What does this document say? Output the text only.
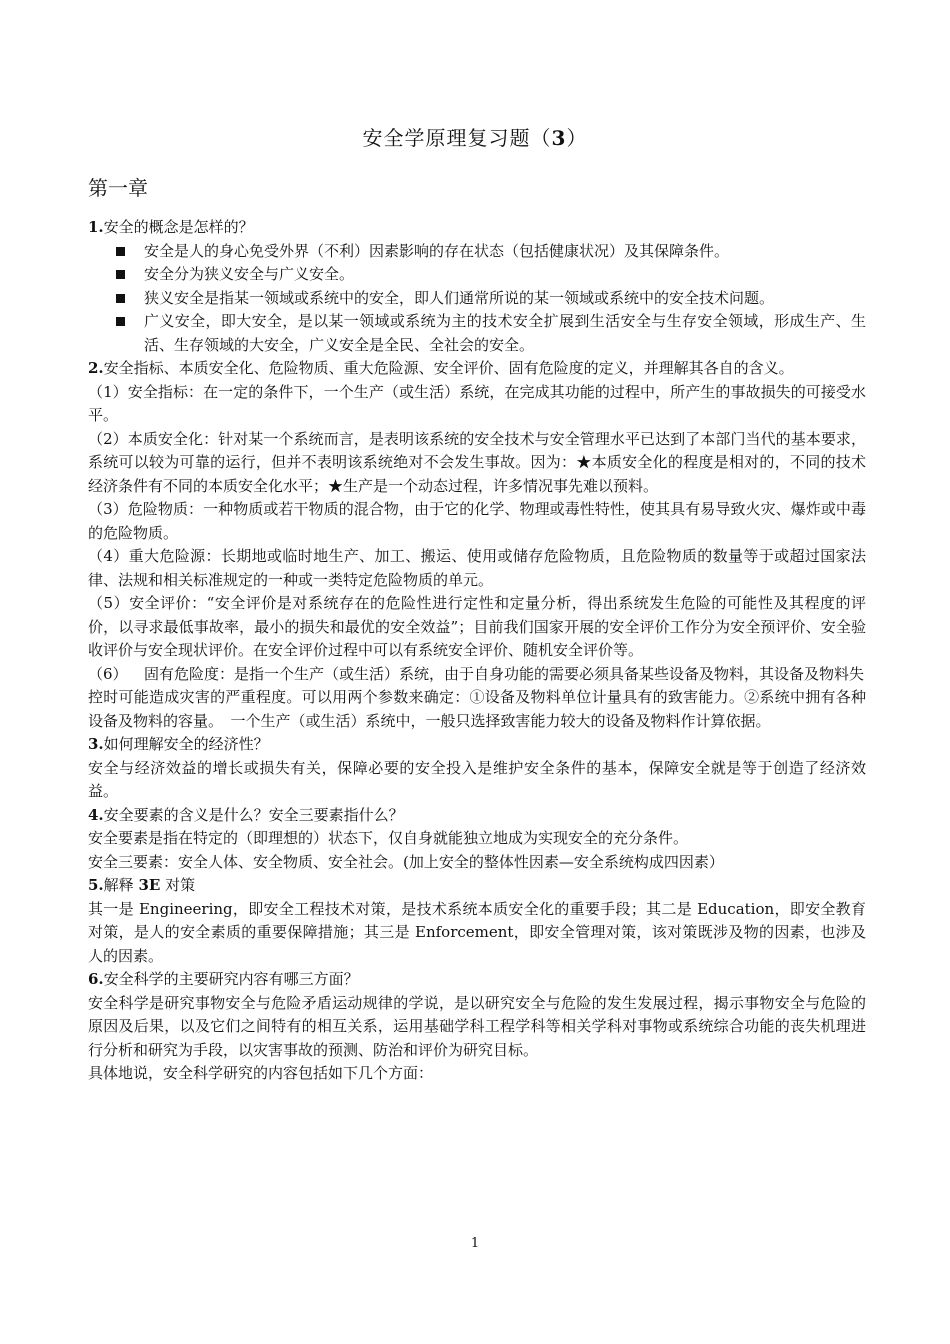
安全学原理复习题（3）
第一章

1.安全的概念是怎样的？

安全是人的身心免受外界（不利）因素影响的存在状态（包括健康状况）及其保障条件。
安全分为狭义安全与广义安全。
狭义安全是指某一领域或系统中的安全，即人们通常所说的某一领域或系统中的安全技术问题。
广义安全，即大安全，是以某一领域或系统为主的技术安全扩展到生活安全与生存安全领域，形成生产、生活、生存领域的大安全，广义安全是全民、全社会的安全。

2.安全指标、本质安全化、危险物质、重大危险源、安全评价、固有危险度的定义，并理解其各自的含义。

（1）安全指标：在一定的条件下，一个生产（或生活）系统，在完成其功能的过程中，所产生的事故损失的可接受水平。

（2）本质安全化：针对某一个系统而言，是表明该系统的安全技术与安全管理水平已达到了本部门当代的基本要求，系统可以较为可靠的运行，但并不表明该系统绝对不会发生事故。因为：★本质安全化的程度是相对的，不同的技术经济条件有不同的本质安全化水平；★生产是一个动态过程，许多情况事先难以预料。

（3）危险物质：一种物质或若干物质的混合物，由于它的化学、物理或毒性特性，使其具有易导致火灾、爆炸或中毒的危险物质。

（4）重大危险源：长期地或临时地生产、加工、搬运、使用或储存危险物质，且危险物质的数量等于或超过国家法律、法规和相关标准规定的一种或一类特定危险物质的单元。

（5）安全评价：“安全评价是对系统存在的危险性进行定性和定量分析，得出系统发生危险的可能性及其程度的评价，以寻求最低事故率，最小的损失和最优的安全效益”；目前我们国家开展的安全评价工作分为安全预评价、安全验收评价与安全现状评价。在安全评价过程中可以有系统安全评价、随机安全评价等。

（6）	固有危险度：是指一个生产（或生活）系统，由于自身功能的需要必须具备某些设备及物料，其设备及物料失

控时可能造成灾害的严重程度。可以用两个参数来确定：①设备及物料单位计量具有的致害能力。②系统中拥有各种设备及物料的容量。　一个生产（或生活）系统中，一般只选择致害能力较大的设备及物料作计算依据。

3.如何理解安全的经济性？

安全与经济效益的增长或损失有关，保障必要的安全投入是维护安全条件的基本，保障安全就是等于创造了经济效益。

4.安全要素的含义是什么？安全三要素指什么？

安全要素是指在特定的（即理想的）状态下，仅自身就能独立地成为实现安全的充分条件。

安全三要素：安全人体、安全物质、安全社会。(加上安全的整体性因素—安全系统构成四因素）

5.解释 3E 对策

其一是 Engineering，即安全工程技术对策，是技术系统本质安全化的重要手段；其二是 Education，即安全教育对策，是人的安全素质的重要保障措施；其三是 Enforcement，即安全管理对策，该对策既涉及物的因素，也涉及人的因素。

6.安全科学的主要研究内容有哪三方面？

安全科学是研究事物安全与危险矛盾运动规律的学说，是以研究安全与危险的发生发展过程，揭示事物安全与危险的原因及后果，以及它们之间特有的相互关系，运用基础学科工程学科等相关学科对事物或系统综合功能的丧失机理进行分析和研究为手段，以灾害事故的预测、防治和评价为研究目标。

具体地说，安全科学研究的内容包括如下几个方面：

1
